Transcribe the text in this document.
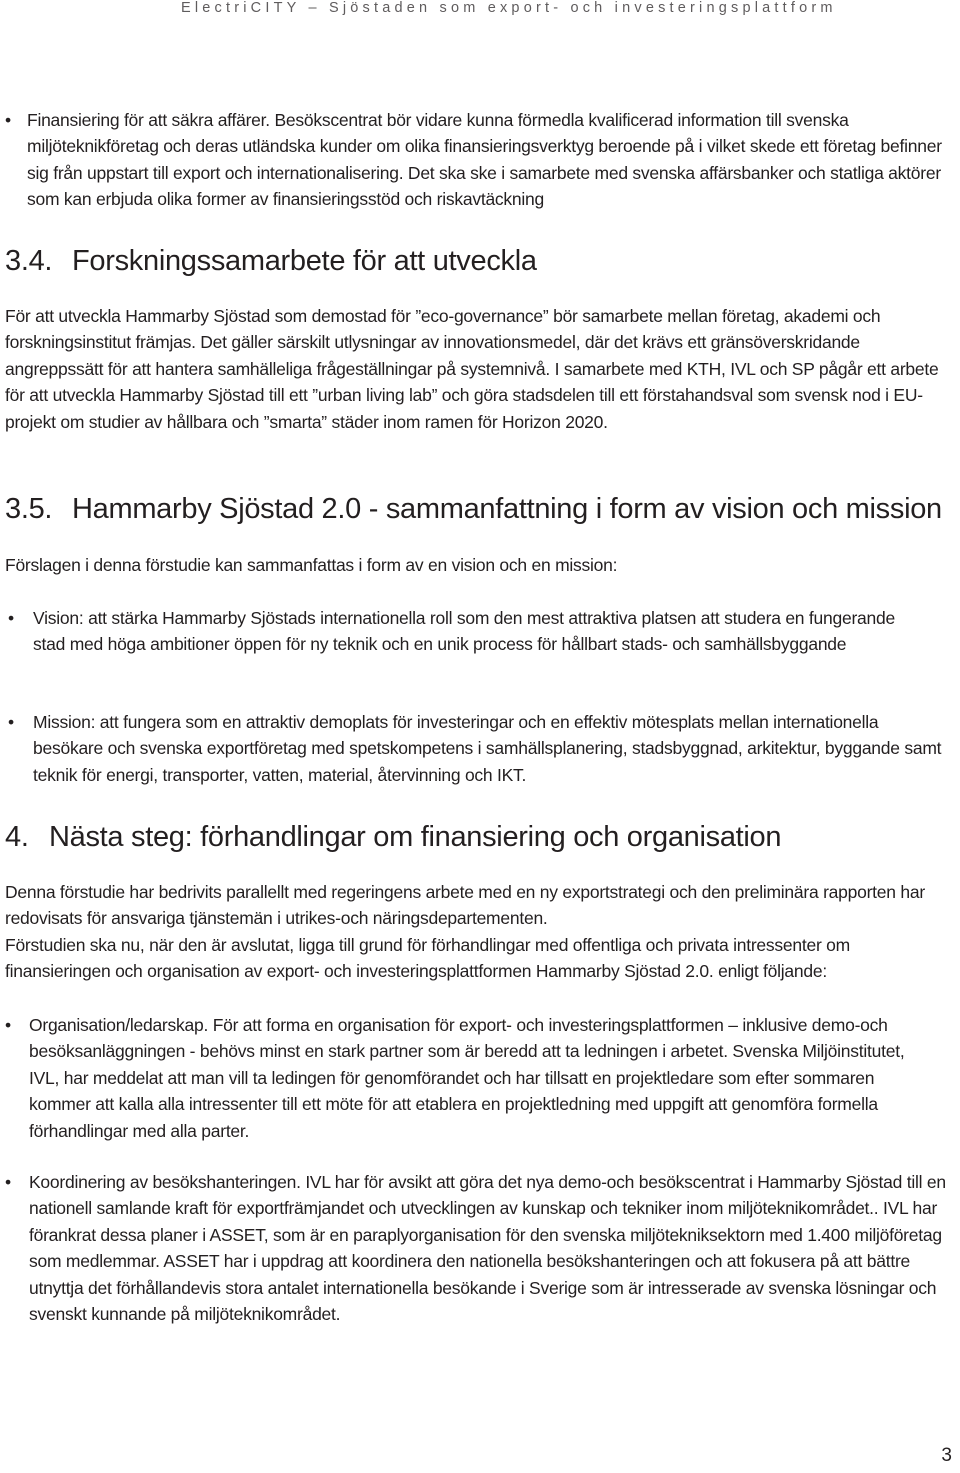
ElectriCITY – Sjöstaden som export- och investeringsplattform
• Finansiering för att säkra affärer. Besökscentrat bör vidare kunna förmedla kvalificerad information till svenska miljöteknikföretag och deras utländska kunder om olika finansieringsverktyg beroende på i vilket skede ett företag befinner sig från uppstart till export och internationalisering. Det ska ske i samarbete med svenska affärsbanker och statliga aktörer som kan erbjuda olika former av finansieringsstöd och riskavtäckning

3.4. Forskningssamarbete för att utveckla

För att utveckla Hammarby Sjöstad som demostad för ”eco-governance” bör samarbete mellan företag, akademi och forskningsinstitut främjas. Det gäller särskilt utlysningar av innovationsmedel, där det krävs ett gränsöverskridande angreppssätt för att hantera samhälleliga frågeställningar på systemnivå. I samarbete med KTH, IVL och SP pågår ett arbete för att utveckla Hammarby Sjöstad till ett ”urban living lab” och göra stadsdelen till ett förstahandsval som svensk nod i EU-projekt om studier av hållbara och ”smarta” städer inom ramen för Horizon 2020.

3.5. Hammarby Sjöstad 2.0 - sammanfattning i form av vision och mission

Förslagen i denna förstudie kan sammanfattas i form av en vision och en mission:

• Vision: att stärka Hammarby Sjöstads internationella roll som den mest attraktiva platsen att studera en fungerande stad med höga ambitioner öppen för ny teknik och en unik process för hållbart stads- och samhällsbyggande

• Mission: att fungera som en attraktiv demoplats för investeringar och en effektiv mötesplats mellan internationella besökare och svenska exportföretag med spetskompetens i samhällsplanering, stadsbyggnad, arkitektur, byggande samt teknik för energi, transporter, vatten, material, återvinning och IKT.

4. Nästa steg: förhandlingar om finansiering och organisation

Denna förstudie har bedrivits parallellt med regeringens arbete med en ny exportstrategi och den preliminära rapporten har redovisats för ansvariga tjänstemän i utrikes-och näringsdepartementen.

Förstudien ska nu, när den är avslutat, ligga till grund för förhandlingar med offentliga och privata intressenter om finansieringen och organisation av export- och investeringsplattformen Hammarby Sjöstad 2.0. enligt följande:

• Organisation/ledarskap. För att forma en organisation för export- och investeringsplattformen – inklusive demo-och besöksanläggningen - behövs minst en stark partner som är beredd att ta ledningen i arbetet. Svenska Miljöinstitutet, IVL, har meddelat att man vill ta ledingen för genomförandet och har tillsatt en projektledare som efter sommaren kommer att kalla alla intressenter till ett möte för att etablera en projektledning med uppgift att genomföra formella förhandlingar med alla parter.

• Koordinering av besökshanteringen. IVL har för avsikt att göra det nya demo-och besökscentrat i Hammarby Sjöstad till en nationell samlande kraft för exportfrämjandet och utvecklingen av kunskap och tekniker inom miljöteknikområdet.. IVL har förankrat dessa planer i ASSET, som är en paraplyorganisation för den svenska miljötekniksektorn med 1.400 miljöföretag som medlemmar. ASSET har i uppdrag att koordinera den nationella besökshanteringen och att fokusera på att bättre utnyttja det förhållandevis stora antalet internationella besökande i Sverige som är intresserade av svenska lösningar och svenskt kunnande på miljöteknikområdet.

3
